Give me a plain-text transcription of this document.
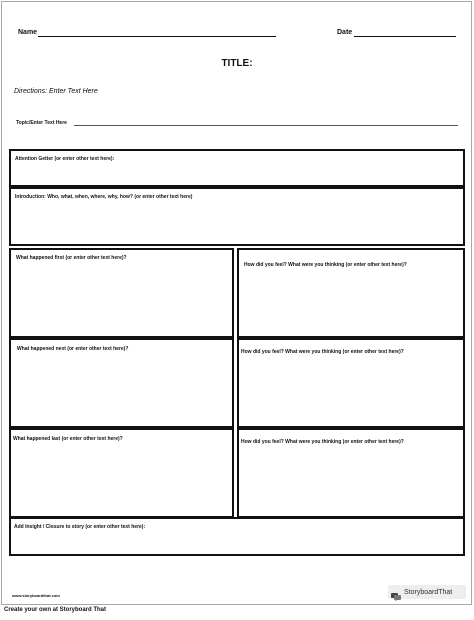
Name	Date
TITLE:
Directions: Enter Text Here
Topic/Enter Text Here
Attention Getter (or enter other text here):
Introduction: Who, what, when, where, why, how? (or enter other text here)
What happened first (or enter other text here)?
How did you feel? What were you thinking (or enter other text here)?
What happened next (or enter other text here)?	How did you feel? What were you thinking (or enter other text here)?
What happened last (or enter other text here)?	How did you feel? What were you thinking (or enter other text here)?
Add Insight / Closure to story (or enter other text here):
www.storyboardthat.com	StoryboardThat
Create your own at Storyboard That
